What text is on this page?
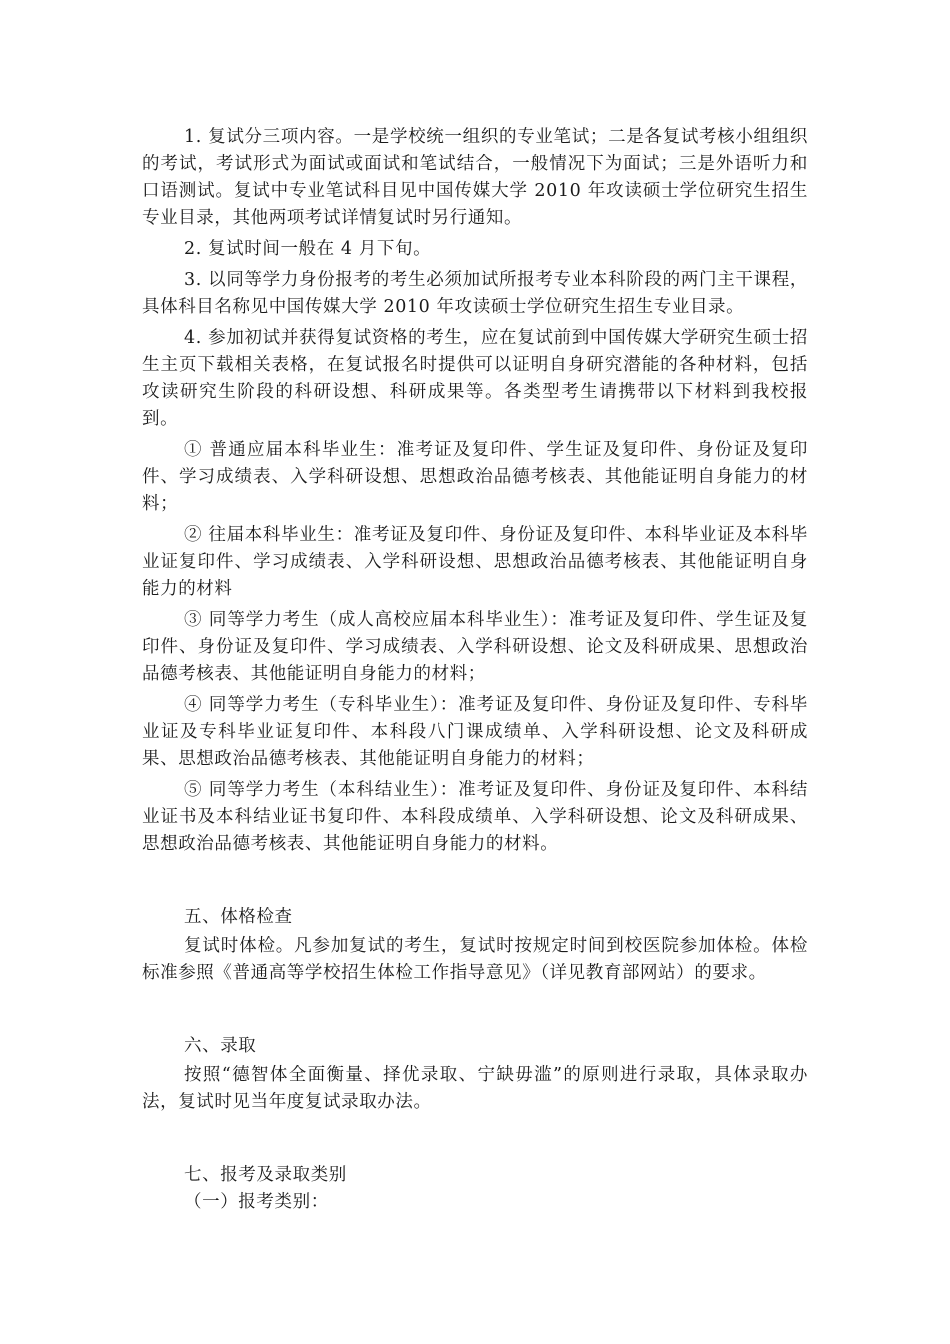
1. 复试分三项内容。一是学校统一组织的专业笔试；二是各复试考核小组组织的考试，考试形式为面试或面试和笔试结合，一般情况下为面试；三是外语听力和口语测试。复试中专业笔试科目见中国传媒大学 2010 年攻读硕士学位研究生招生专业目录，其他两项考试详情复试时另行通知。

2. 复试时间一般在 4 月下旬。

3. 以同等学力身份报考的考生必须加试所报考专业本科阶段的两门主干课程，具体科目名称见中国传媒大学 2010 年攻读硕士学位研究生招生专业目录。

4. 参加初试并获得复试资格的考生，应在复试前到中国传媒大学研究生硕士招生主页下载相关表格，在复试报名时提供可以证明自身研究潜能的各种材料，包括攻读研究生阶段的科研设想、科研成果等。各类型考生请携带以下材料到我校报到。

① 普通应届本科毕业生：准考证及复印件、学生证及复印件、身份证及复印件、学习成绩表、入学科研设想、思想政治品德考核表、其他能证明自身能力的材料；

② 往届本科毕业生：准考证及复印件、身份证及复印件、本科毕业证及本科毕业证复印件、学习成绩表、入学科研设想、思想政治品德考核表、其他能证明自身能力的材料

③ 同等学力考生（成人高校应届本科毕业生）：准考证及复印件、学生证及复印件、身份证及复印件、学习成绩表、入学科研设想、论文及科研成果、思想政治品德考核表、其他能证明自身能力的材料；

④ 同等学力考生（专科毕业生）：准考证及复印件、身份证及复印件、专科毕业证及专科毕业证复印件、本科段八门课成绩单、入学科研设想、论文及科研成果、思想政治品德考核表、其他能证明自身能力的材料；

⑤ 同等学力考生（本科结业生）：准考证及复印件、身份证及复印件、本科结业证书及本科结业证书复印件、本科段成绩单、入学科研设想、论文及科研成果、思想政治品德考核表、其他能证明自身能力的材料。

五、体格检查

复试时体检。凡参加复试的考生，复试时按规定时间到校医院参加体检。体检标准参照《普通高等学校招生体检工作指导意见》（详见教育部网站）的要求。

六、录取

按照“德智体全面衡量、择优录取、宁缺毋滥”的原则进行录取，具体录取办法，复试时见当年度复试录取办法。

七、报考及录取类别

（一）报考类别：
